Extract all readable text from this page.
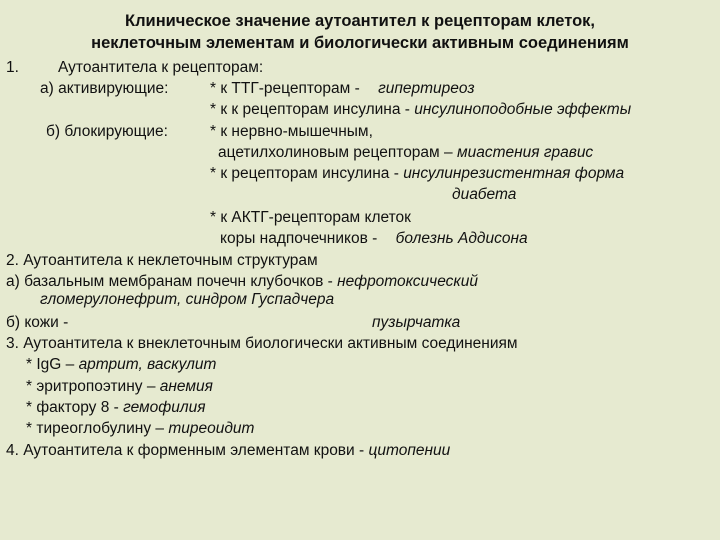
Клиническое значение аутоантител к рецепторам клеток,
неклеточным элементам и биологически активным соединениям
1.	Аутоантитела к рецепторам:
а) активирующие:	* к ТТГ-рецепторам - гипертиреоз
* к к рецепторам инсулина - инсулиноподобные эффекты
б) блокирующие:	* к нервно-мышечным,
ацетилхолиновым рецепторам – миастения гравис
* к рецепторам инсулина - инсулинрезистентная форма
диабета
* к АКТГ-рецепторам клеток
коры надпочечников - болезнь Аддисона
2. Аутоантитела к неклеточным структурам
а) базальным мембранам почечн клубочков - нефротоксический
гломерулонефрит, синдром Гуспадчера
б) кожи -	пузырчатка
3. Аутоантитела к внеклеточным биологически активным соединениям
* IgG – артрит, васкулит
* эритропоэтину – анемия
* фактору 8 - гемофилия
* тиреоглобулину – тиреоидит
4. Аутоантитела к форменным элементам крови - цитопении
